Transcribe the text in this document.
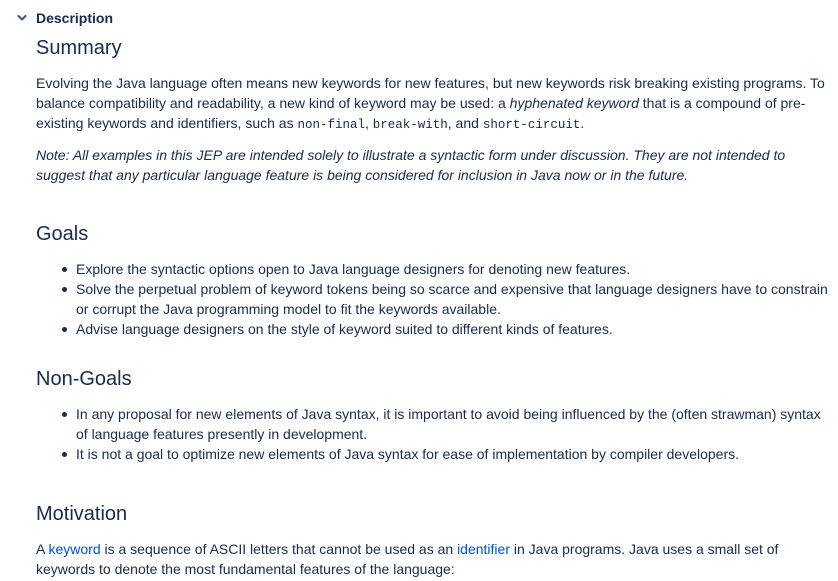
Description
Summary

Evolving the Java language often means new keywords for new features, but new keywords risk breaking existing programs. To balance compatibility and readability, a new kind of keyword may be used: a hyphenated keyword that is a compound of pre-existing keywords and identifiers, such as non-final, break-with, and short-circuit.

Note: All examples in this JEP are intended solely to illustrate a syntactic form under discussion. They are not intended to suggest that any particular language feature is being considered for inclusion in Java now or in the future.

Goals
Explore the syntactic options open to Java language designers for denoting new features.
Solve the perpetual problem of keyword tokens being so scarce and expensive that language designers have to constrain or corrupt the Java programming model to fit the keywords available.
Advise language designers on the style of keyword suited to different kinds of features.
Non-Goals
In any proposal for new elements of Java syntax, it is important to avoid being influenced by the (often strawman) syntax of language features presently in development.
It is not a goal to optimize new elements of Java syntax for ease of implementation by compiler developers.
Motivation

A keyword is a sequence of ASCII letters that cannot be used as an identifier in Java programs. Java uses a small set of keywords to denote the most fundamental features of the language:
